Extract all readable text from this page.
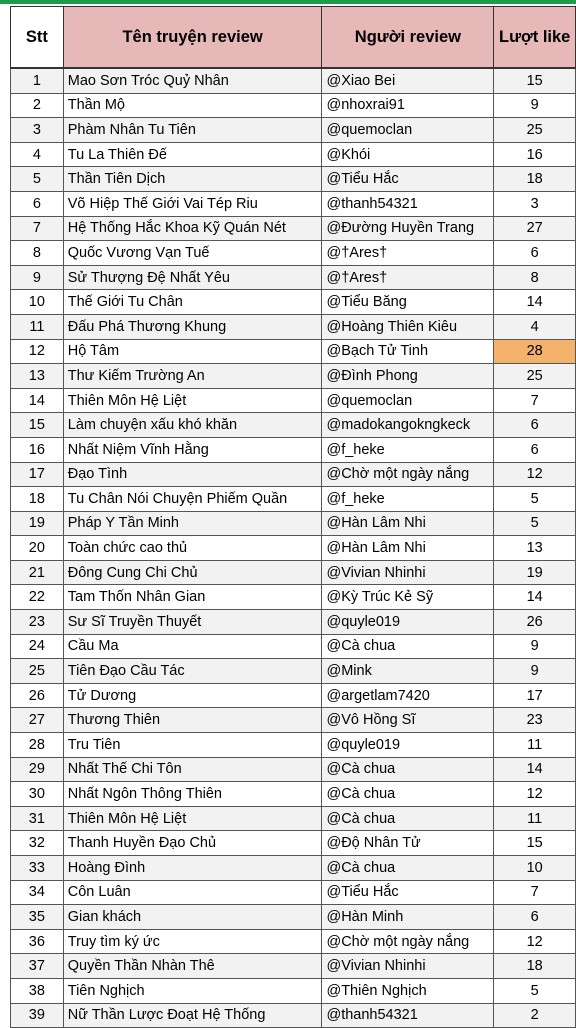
Stt	Tên truyện review	Người review	Lượt like
1	Mao Sơn Tróc Quỷ Nhân	@Xiao Bei	15
2	Thần Mộ	@nhoxrai91	9
3	Phàm Nhân Tu Tiên	@quemoclan	25
4	Tu La Thiên Đế	@Khói	16
5	Thần Tiên Dịch	@Tiểu Hắc	18
6	Võ Hiệp Thế Giới Vai Tép Riu	@thanh54321	3
7	Hệ Thống Hắc Khoa Kỹ Quán Nét	@Đường Huyền Trang	27
8	Quốc Vương Vạn Tuế	@†Ares†	6
9	Sử Thượng Đệ Nhất Yêu	@†Ares†	8
10	Thế Giới Tu Chân	@Tiểu Băng	14
11	Đấu Phá Thương Khung	@Hoàng Thiên Kiêu	4
12	Hộ Tâm	@Bạch Tử Tinh	28
13	Thư Kiếm Trường An	@Đình Phong	25
14	Thiên Môn Hệ Liệt	@quemoclan	7
15	Làm chuyện xấu khó khăn	@madokangokngkeck	6
16	Nhất Niệm Vĩnh Hằng	@f_heke	6
17	Đạo Tình	@Chờ một ngày nắng	12
18	Tu Chân Nói Chuyện Phiếm Quần	@f_heke	5
19	Pháp Y Tần Minh	@Hàn Lâm Nhi	5
20	Toàn chức cao thủ	@Hàn Lâm Nhi	13
21	Đông Cung Chi Chủ	@Vivian Nhinhi	19
22	Tam Thốn Nhân Gian	@Kỳ Trúc Kẻ Sỹ	14
23	Sư Sĩ Truyền Thuyết	@quyle019	26
24	Cầu Ma	@Cà chua	9
25	Tiên Đạo Cầu Tác	@Mink	9
26	Tử Dương	@argetlam7420	17
27	Thương Thiên	@Vô Hồng Sĩ	23
28	Tru Tiên	@quyle019	11
29	Nhất Thế Chi Tôn	@Cà chua	14
30	Nhất Ngôn Thông Thiên	@Cà chua	12
31	Thiên Môn Hệ Liệt	@Cà chua	11
32	Thanh Huyền Đạo Chủ	@Độ Nhân Tử	15
33	Hoàng Đình	@Cà chua	10
34	Côn Luân	@Tiểu Hắc	7
35	Gian khách	@Hàn Minh	6
36	Truy tìm ký ức	@Chờ một ngày nắng	12
37	Quyền Thần Nhàn Thê	@Vivian Nhinhi	18
38	Tiên Nghịch	@Thiên Nghịch	5
39	Nữ Thần Lược Đoạt Hệ Thống	@thanh54321	2
